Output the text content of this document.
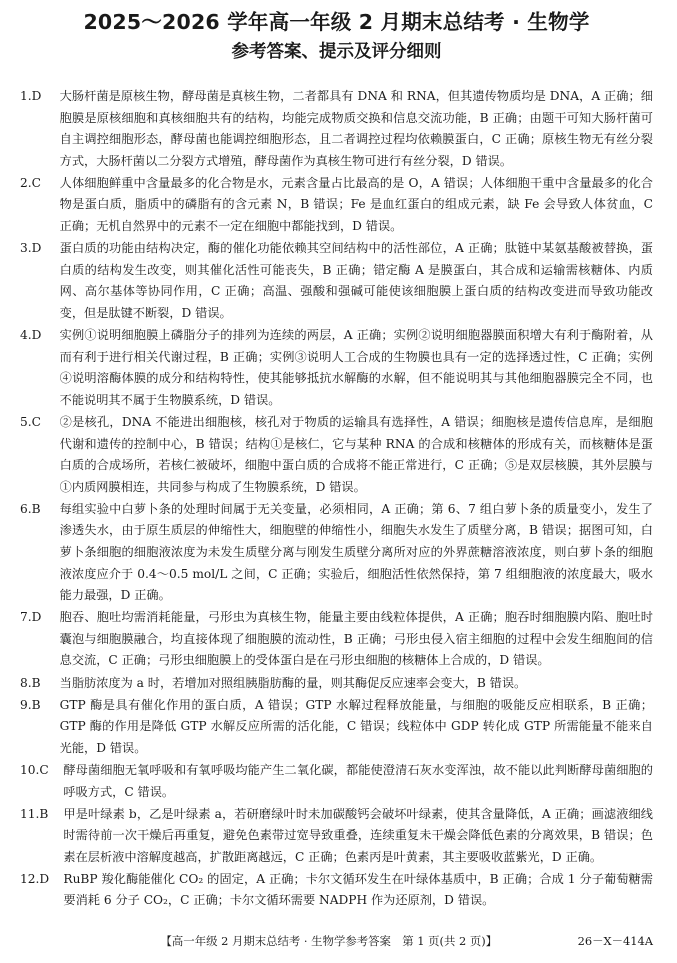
2025～2026 学年高一年级 2 月期末总结考 · 生物学
参考答案、提示及评分细则
1. D	大肠杆菌是原核生物，酵母菌是真核生物，二者都具有 DNA 和 RNA，但其遗传物质均是 DNA，A 正确；细胞膜是原核细胞和真核细胞共有的结构，均能完成物质交换和信息交流功能，B 正确；由题干可知大肠杆菌可自主调控细胞形态，酵母菌也能调控细胞形态，且二者调控过程均依赖膜蛋白，C 正确；原核生物无有丝分裂方式，大肠杆菌以二分裂方式增殖，酵母菌作为真核生物可进行有丝分裂，D 错误。
2. C	人体细胞鲜重中含量最多的化合物是水，元素含量占比最高的是 O，A 错误；人体细胞干重中含量最多的化合物是蛋白质，脂质中的磷脂有的含元素 N，B 错误；Fe 是血红蛋白的组成元素，缺 Fe 会导致人体贫血，C 正确；无机自然界中的元素不一定在细胞中都能找到，D 错误。
3. D	蛋白质的功能由结构决定，酶的催化功能依赖其空间结构中的活性部位，A 正确；肽链中某氨基酸被替换，蛋白质的结构发生改变，则其催化活性可能丧失，B 正确；错定酶 A 是膜蛋白，其合成和运输需核糖体、内质网、高尔基体等协同作用，C 正确；高温、强酸和强碱可能使该细胞膜上蛋白质的结构改变进而导致功能改变，但是肽键不断裂，D 错误。
4. D	实例①说明细胞膜上磷脂分子的排列为连续的两层，A 正确；实例②说明细胞器膜面积增大有利于酶附着，从而有利于进行相关代谢过程，B 正确；实例③说明人工合成的生物膜也具有一定的选择透过性，C 正确；实例④说明溶酶体膜的成分和结构特性，使其能够抵抗水解酶的水解，但不能说明其与其他细胞器膜完全不同，也不能说明其不属于生物膜系统，D 错误。
5. C	②是核孔，DNA 不能进出细胞核，核孔对于物质的运输具有选择性，A 错误；细胞核是遗传信息库，是细胞代谢和遗传的控制中心，B 错误；结构①是核仁，它与某种 RNA 的合成和核糖体的形成有关，而核糖体是蛋白质的合成场所，若核仁被破坏，细胞中蛋白质的合成将不能正常进行，C 正确；⑤是双层核膜，其外层膜与①内质网膜相连，共同参与构成了生物膜系统，D 错误。
6. B	每组实验中白萝卜条的处理时间属于无关变量，必须相同，A 正确；第 6、7 组白萝卜条的质量变小，发生了渗透失水，由于原生质层的伸缩性大，细胞壁的伸缩性小，细胞失水发生了质壁分离，B 错误；据图可知，白萝卜条细胞的细胞液浓度为未发生质壁分离与刚发生质壁分离所对应的外界蔗糖溶液浓度，则白萝卜条的细胞液浓度应介于 0.4～0.5 mol/L 之间，C 正确；实验后，细胞活性依然保持，第 7 组细胞液的浓度最大，吸水能力最强，D 正确。
7. D	胞吞、胞吐均需消耗能量，弓形虫为真核生物，能量主要由线粒体提供，A 正确；胞吞时细胞膜内陷、胞吐时囊泡与细胞膜融合，均直接体现了细胞膜的流动性，B 正确；弓形虫侵入宿主细胞的过程中会发生细胞间的信息交流，C 正确；弓形虫细胞膜上的受体蛋白是在弓形虫细胞的核糖体上合成的，D 错误。
8. B	当脂肪浓度为 a 时，若增加对照组胰脂肪酶的量，则其酶促反应速率会变大，B 错误。
9. B	GTP 酶是具有催化作用的蛋白质，A 错误；GTP 水解过程释放能量，与细胞的吸能反应相联系，B 正确；GTP 酶的作用是降低 GTP 水解反应所需的活化能，C 错误；线粒体中 GDP 转化成 GTP 所需能量不能来自光能，D 错误。
10. C	酵母菌细胞无氧呼吸和有氧呼吸均能产生二氧化碳，都能使澄清石灰水变浑浊，故不能以此判断酵母菌细胞的呼吸方式，C 错误。
11. B	甲是叶绿素 b，乙是叶绿素 a，若研磨绿叶时未加碳酸钙会破坏叶绿素，使其含量降低，A 正确；画滤液细线时需待前一次干燥后再重复，避免色素带过宽导致重叠，连续重复未干燥会降低色素的分离效果，B 错误；色素在层析液中溶解度越高，扩散距离越远，C 正确；色素丙是叶黄素，其主要吸收蓝紫光，D 正确。
12. D	RuBP 羧化酶能催化 CO₂ 的固定，A 正确；卡尔文循环发生在叶绿体基质中，B 正确；合成 1 分子葡萄糖需要消耗 6 分子 CO₂，C 正确；卡尔文循环需要 NADPH 作为还原剂，D 错误。
【高一年级 2 月期末总结考 · 生物学参考答案　第 1 页(共 2 页)】	26－X－414A
